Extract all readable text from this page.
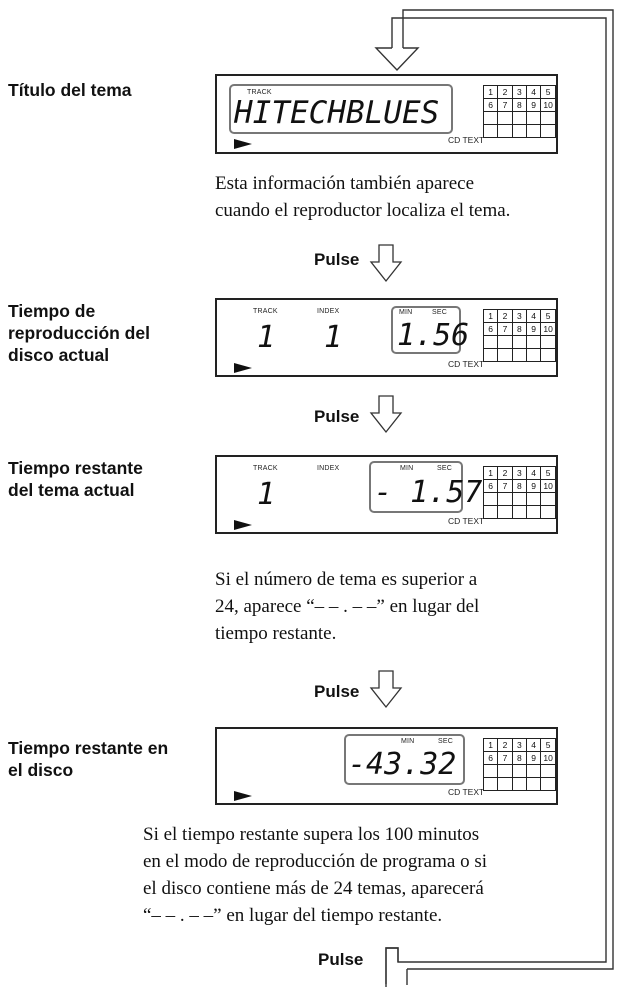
Título del tema	TRACK
HITECHBLUES
CD TEXT
1	2	3	4	5
6	7	8	9	10

Esta información también aparece
cuando el reproductor localiza el tema.
Pulse
Tiempo de
reproducción del
disco actual
TRACK	INDEX	MIN	SEC
1 1 1.56
CD TEXT
1	2	3	4	5
6	7	8	9	10

Pulse
Tiempo restante
del tema actual
TRACK	INDEX	MIN	SEC
1	- 1.57
CD TEXT
1	2	3	4	5
6	7	8	9	10

Si el número de tema es superior a
24, aparece “– – . – –” en lugar del
tiempo restante.
Pulse
Tiempo restante en
el disco
MIN	SEC
-43.32
CD TEXT
1	2	3	4	5
6	7	8	9	10

Si el tiempo restante supera los 100 minutos
en el modo de reproducción de programa o si
el disco contiene más de 24 temas, aparecerá
“– – . – –” en lugar del tiempo restante.
Pulse
